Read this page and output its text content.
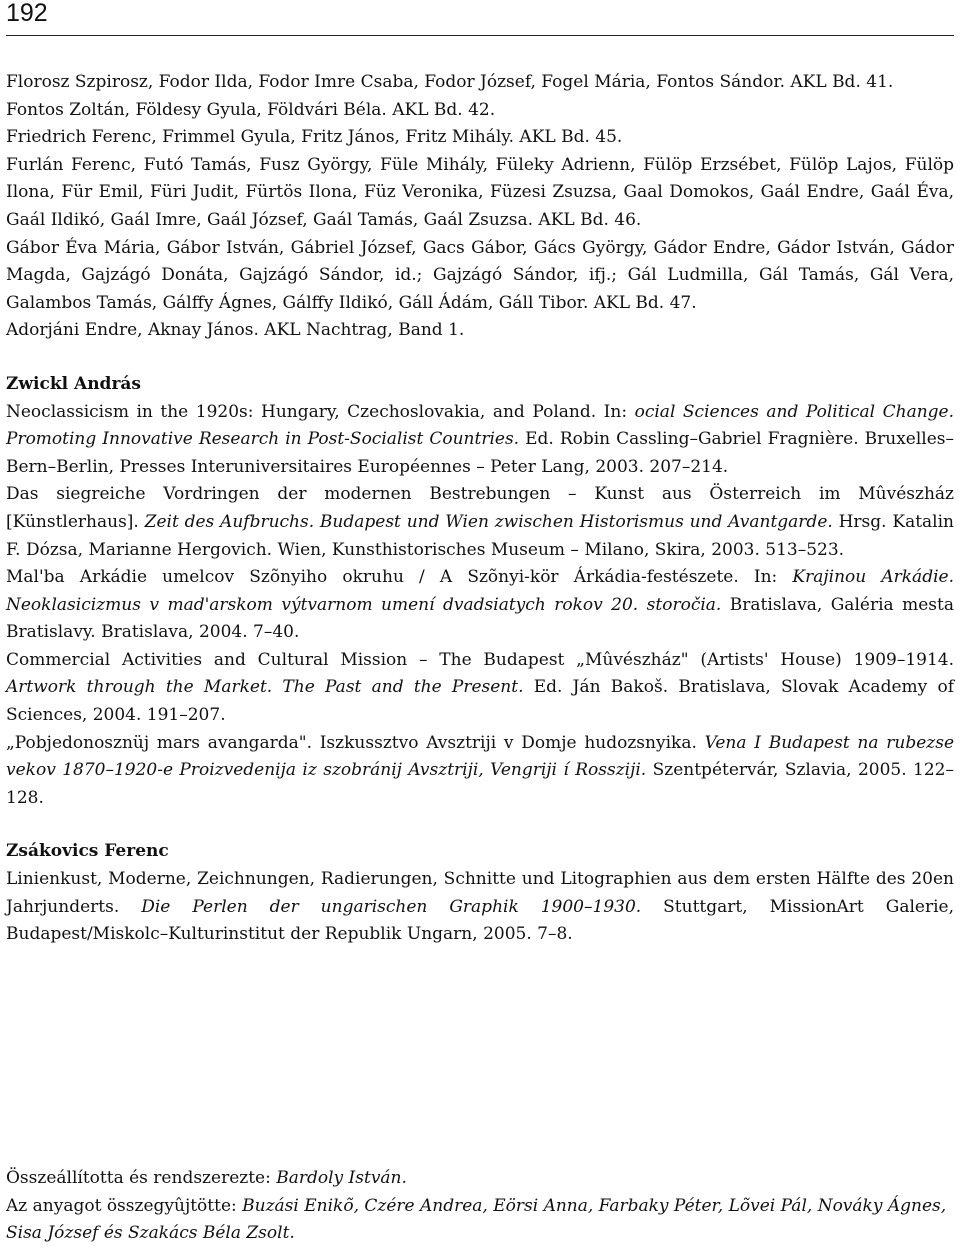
192

Florosz Szpirosz, Fodor Ilda, Fodor Imre Csaba, Fodor József, Fogel Mária, Fontos Sándor. AKL Bd. 41.

Fontos Zoltán, Földesy Gyula, Földvári Béla. AKL Bd. 42.

Friedrich Ferenc, Frimmel Gyula, Fritz János, Fritz Mihály. AKL Bd. 45.

Furlán Ferenc, Futó Tamás, Fusz György, Füle Mihály, Füleky Adrienn, Fülöp Erzsébet, Fülöp Lajos, Fülöp Ilona, Für Emil, Füri Judit, Fürtös Ilona, Füz Veronika, Füzesi Zsuzsa, Gaal Domokos, Gaál Endre, Gaál Éva, Gaál Ildikó, Gaál Imre, Gaál József, Gaál Tamás, Gaál Zsuzsa. AKL Bd. 46.

Gábor Éva Mária, Gábor István, Gábriel József, Gacs Gábor, Gács György, Gádor Endre, Gádor István, Gádor Magda, Gajzágó Donáta, Gajzágó Sándor, id.; Gajzágó Sándor, ifj.; Gál Ludmilla, Gál Tamás, Gál Vera, Galambos Tamás, Gálffy Ágnes, Gálffy Ildikó, Gáll Ádám, Gáll Tibor. AKL Bd. 47.

Adorjáni Endre, Aknay János. AKL Nachtrag, Band 1.

Zwickl András

Neoclassicism in the 1920s: Hungary, Czechoslovakia, and Poland. In: ocial Sciences and Political Change. Promoting Innovative Research in Post-Socialist Countries. Ed. Robin Cassling–Gabriel Fragnière. Bruxelles–Bern–Berlin, Presses Interuniversitaires Européennes – Peter Lang, 2003. 207–214.

Das siegreiche Vordringen der modernen Bestrebungen – Kunst aus Österreich im Mûvészház [Künstlerhaus]. Zeit des Aufbruchs. Budapest und Wien zwischen Historismus und Avantgarde. Hrsg. Katalin F. Dózsa, Marianne Hergovich. Wien, Kunsthistorisches Museum – Milano, Skira, 2003. 513–523.

Mal'ba Arkádie umelcov Szõnyiho okruhu / A Szõnyi-kör Árkádia-festészete. In: Krajinou Arkádie. Neoklasicizmus v mad'arskom výtvarnom umení dvadsiatych rokov 20. storočia. Bratislava, Galéria mesta Bratislavy. Bratislava, 2004. 7–40.

Commercial Activities and Cultural Mission – The Budapest „Mûvészház" (Artists' House) 1909–1914. Artwork through the Market. The Past and the Present. Ed. Ján Bakoš. Bratislava, Slovak Academy of Sciences, 2004. 191–207.

„Pobjedonosznüj mars avangarda". Iszkussztvo Avsztriji v Domje hudozsnyika. Vena I Budapest na rubezse vekov 1870–1920-e Proizvedenija iz szobránij Avsztriji, Vengriji í Rossziji. Szentpétervár, Szlavia, 2005. 122–128.

Zsákovics Ferenc

Linienkust, Moderne, Zeichnungen, Radierungen, Schnitte und Litographien aus dem ersten Hälfte des 20en Jahrjunderts. Die Perlen der ungarischen Graphik 1900–1930. Stuttgart, MissionArt Galerie, Budapest/Miskolc–Kulturinstitut der Republik Ungarn, 2005. 7–8.

Összeállította és rendszerezte: Bardoly István.

Az anyagot összegyûjtötte: Buzási Enikõ, Czére Andrea, Eörsi Anna, Farbaky Péter, Lõvei Pál, Nováky Ágnes, Sisa József és Szakács Béla Zsolt.
